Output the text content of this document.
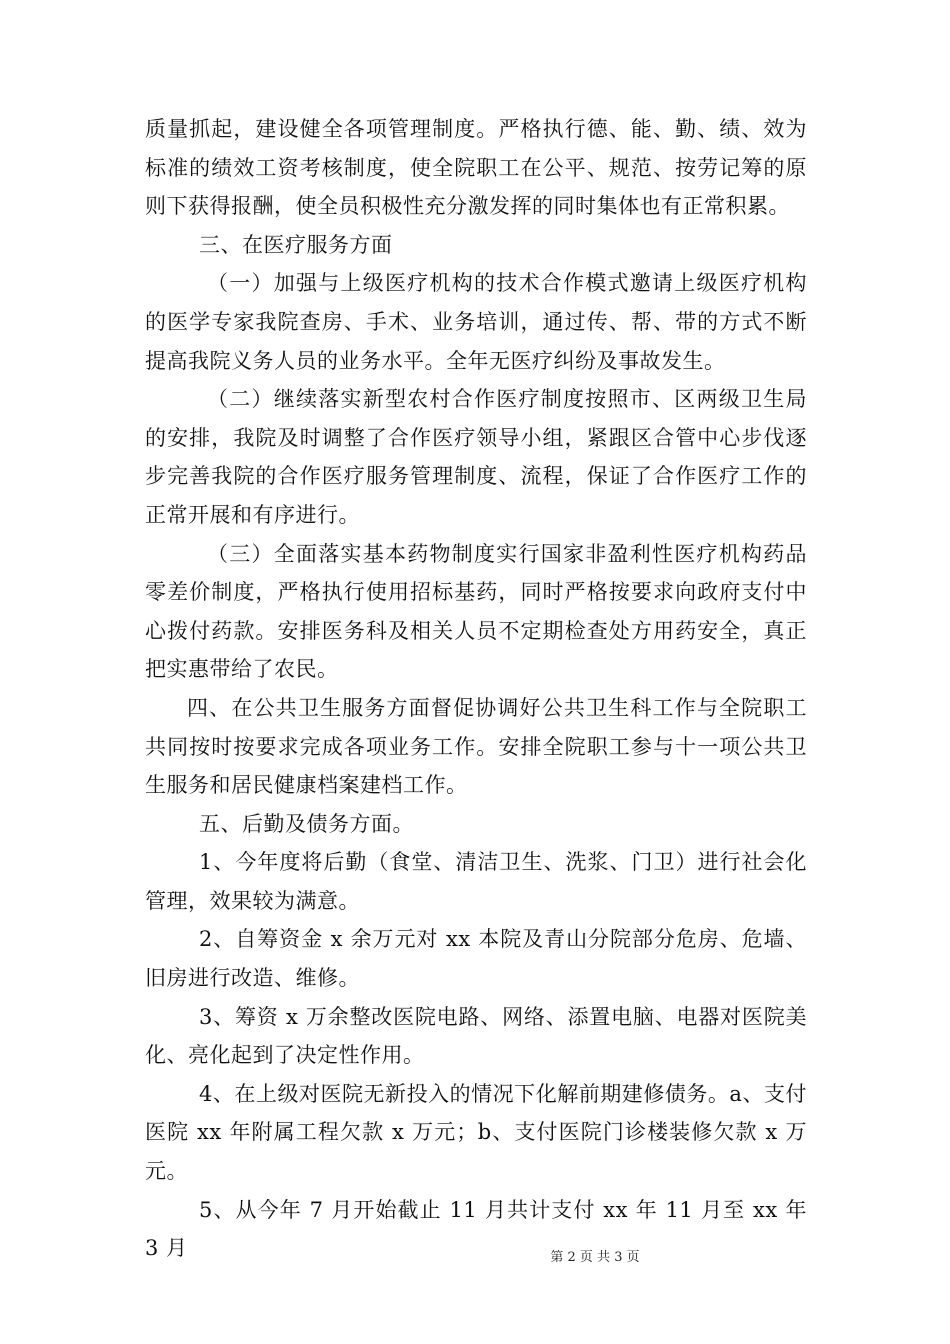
质量抓起，建设健全各项管理制度。严格执行德、能、勤、绩、效为标准的绩效工资考核制度，使全院职工在公平、规范、按劳记筹的原则下获得报酬，使全员积极性充分激发挥的同时集体也有正常积累。

三、在医疗服务方面

（一）加强与上级医疗机构的技术合作模式邀请上级医疗机构的医学专家我院查房、手术、业务培训，通过传、帮、带的方式不断提高我院义务人员的业务水平。全年无医疗纠纷及事故发生。

（二）继续落实新型农村合作医疗制度按照市、区两级卫生局的安排，我院及时调整了合作医疗领导小组，紧跟区合管中心步伐逐步完善我院的合作医疗服务管理制度、流程，保证了合作医疗工作的正常开展和有序进行。

（三）全面落实基本药物制度实行国家非盈利性医疗机构药品零差价制度，严格执行使用招标基药，同时严格按要求向政府支付中心拨付药款。安排医务科及相关人员不定期检查处方用药安全，真正把实惠带给了农民。

四、在公共卫生服务方面督促协调好公共卫生科工作与全院职工共同按时按要求完成各项业务工作。安排全院职工参与十一项公共卫生服务和居民健康档案建档工作。

五、后勤及债务方面。

1、今年度将后勤（食堂、清洁卫生、洗浆、门卫）进行社会化管理，效果较为满意。

2、自筹资金 x 余万元对 xx 本院及青山分院部分危房、危墙、旧房进行改造、维修。

3、筹资 x 万余整改医院电路、网络、添置电脑、电器对医院美化、亮化起到了决定性作用。

4、在上级对医院无新投入的情况下化解前期建修债务。a、支付医院 xx 年附属工程欠款 x 万元；b、支付医院门诊楼装修欠款 x 万元。

5、从今年 7 月开始截止 11 月共计支付 xx 年 11 月至 xx 年 3 月	第 2 页 共 3 页
